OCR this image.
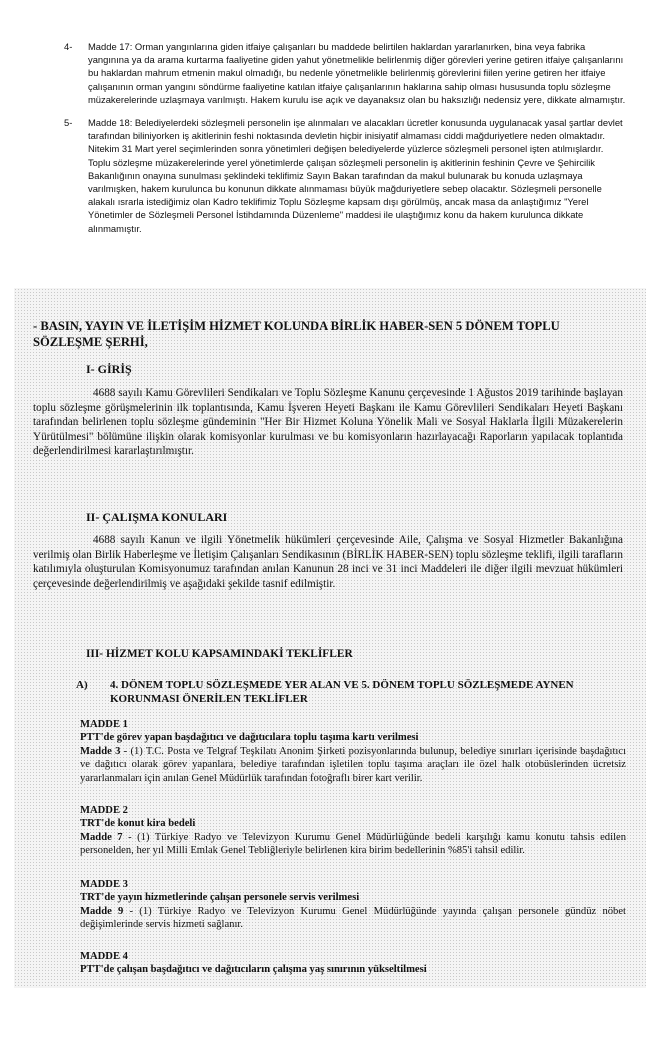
4-	Madde 17: Orman yangınlarına giden itfaiye çalışanları bu maddede belirtilen haklardan yararlanırken, bina veya fabrika yangınına ya da arama kurtarma faaliyetine giden yahut yönetmelikle belirlenmiş diğer görevleri yerine getiren itfaiye çalışanlarını bu haklardan mahrum etmenin makul olmadığı, bu nedenle yönetmelikle belirlenmiş görevlerini fiilen yerine getiren her itfaiye çalışanının orman yangını söndürme faaliyetine katılan itfaiye çalışanlarının haklarına sahip olması hususunda toplu sözleşme müzakerelerinde uzlaşmaya varılmıştı. Hakem kurulu ise açık ve dayanaksız olan bu haksızlığı nedensiz yere, dikkate almamıştır.
5-	Madde 18: Belediyelerdeki sözleşmeli personelin işe alınmaları ve alacakları ücretler konusunda uygulanacak yasal şartlar devlet tarafından biliniyorken iş akitlerinin feshi noktasında devletin hiçbir inisiyatif almaması ciddi mağduriyetlere neden olmaktadır. Nitekim 31 Mart yerel seçimlerinden sonra yönetimleri değişen belediyelerde yüzlerce sözleşmeli personel işten atılmışlardır. Toplu sözleşme müzakerelerinde yerel yönetimlerde çalışan sözleşmeli personelin iş akitlerinin feshinin Çevre ve Şehircilik Bakanlığının onayına sunulması şeklindeki teklifimiz Sayın Bakan tarafından da makul bulunarak bu konuda uzlaşmaya varılmışken, hakem kurulunca bu konunun dikkate alınmaması büyük mağduriyetlere sebep olacaktır. Sözleşmeli personelle alakalı ısrarla istediğimiz olan Kadro teklifimiz Toplu Sözleşme kapsam dışı görülmüş, ancak masa da anlaştığımız "Yerel Yönetimler de Sözleşmeli Personel İstihdamında Düzenleme" maddesi ile ulaştığımız konu da hakem kurulunca dikkate alınmamıştır.
- BASIN, YAYIN VE İLETİŞİM HİZMET KOLUNDA BİRLİK HABER-SEN 5 DÖNEM TOPLU SÖZLEŞME ŞERHİ,
I- GİRİŞ
4688 sayılı Kamu Görevlileri Sendikaları ve Toplu Sözleşme Kanunu çerçevesinde 1 Ağustos 2019 tarihinde başlayan toplu sözleşme görüşmelerinin ilk toplantısında, Kamu İşveren Heyeti Başkanı ile Kamu Görevlileri Sendikaları Heyeti Başkanı tarafından belirlenen toplu sözleşme gündeminin "Her Bir Hizmet Koluna Yönelik Mali ve Sosyal Haklarla İlgili Müzakerelerin Yürütülmesi" bölümüne ilişkin olarak komisyonlar kurulması ve bu komisyonların hazırlayacağı Raporların yapılacak toplantıda değerlendirilmesi kararlaştırılmıştır.
II- ÇALIŞMA KONULARI
4688 sayılı Kanun ve ilgili Yönetmelik hükümleri çerçevesinde Aile, Çalışma ve Sosyal Hizmetler Bakanlığına verilmiş olan Birlik Haberleşme ve İletişim Çalışanları Sendikasının (BİRLİK HABER-SEN) toplu sözleşme teklifi, ilgili tarafların katılımıyla oluşturulan Komisyonumuz tarafından anılan Kanunun 28 inci ve 31 inci Maddeleri ile diğer ilgili mevzuat hükümleri çerçevesinde değerlendirilmiş ve aşağıdaki şekilde tasnif edilmiştir.
III- HİZMET KOLU KAPSAMINDAKİ TEKLİFLER
A) 4. DÖNEM TOPLU SÖZLEŞMEDE YER ALAN VE 5. DÖNEM TOPLU SÖZLEŞMEDE AYNEN KORUNMASI ÖNERİLEN TEKLİFLER
MADDE 1
PTT'de görev yapan başdağıtıcı ve dağıtıcılara toplu taşıma kartı verilmesi
Madde 3 - (1) T.C. Posta ve Telgraf Teşkilatı Anonim Şirketi pozisyonlarında bulunup, belediye sınırları içerisinde başdağıtıcı ve dağıtıcı olarak görev yapanlara, belediye tarafından işletilen toplu taşıma araçları ile özel halk otobüslerinden ücretsiz yararlanmaları için anılan Genel Müdürlük tarafından fotoğraflı birer kart verilir.
MADDE 2
TRT'de konut kira bedeli
Madde 7 - (1) Türkiye Radyo ve Televizyon Kurumu Genel Müdürlüğünde bedeli karşılığı kamu konutu tahsis edilen personelden, her yıl Milli Emlak Genel Tebliğleriyle belirlenen kira birim bedellerinin %85'i tahsil edilir.
MADDE 3
TRT'de yayın hizmetlerinde çalışan personele servis verilmesi
Madde 9 - (1) Türkiye Radyo ve Televizyon Kurumu Genel Müdürlüğünde yayında çalışan personele gündüz nöbet değişimlerinde servis hizmeti sağlanır.
MADDE 4
PTT'de çalışan başdağıtıcı ve dağıtıcıların çalışma yaş sınırının yükseltilmesi
